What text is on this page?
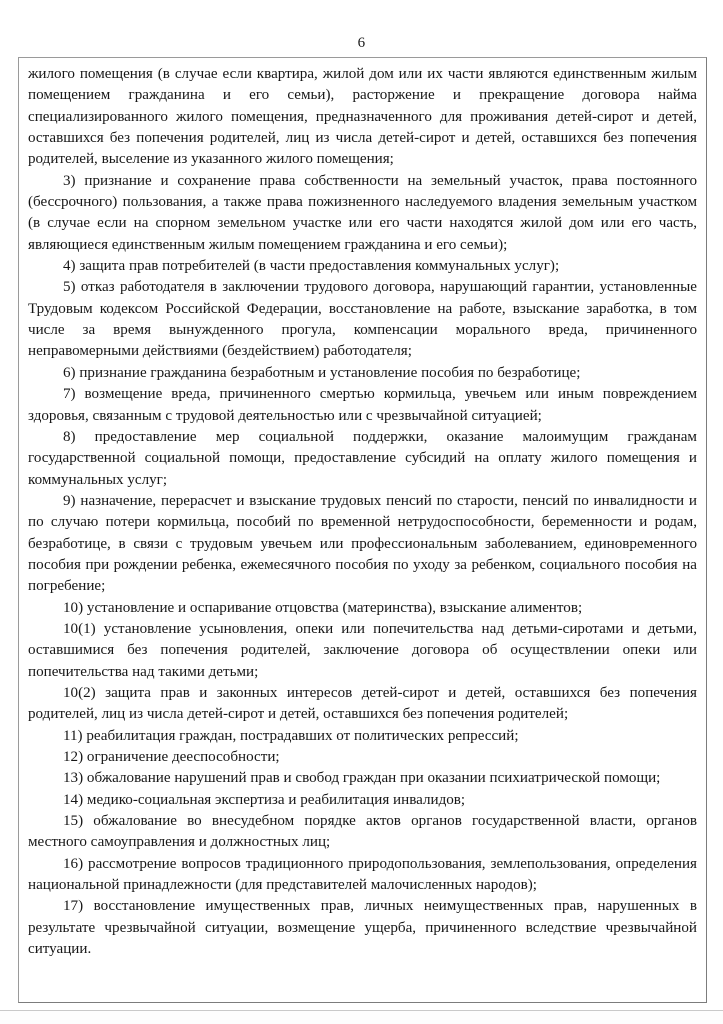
6

жилого помещения (в случае если квартира, жилой дом или их части являются единственным жилым помещением гражданина и его семьи), расторжение и прекращение договора найма специализированного жилого помещения, предназначенного для проживания детей-сирот и детей, оставшихся без попечения родителей, лиц из числа детей-сирот и детей, оставшихся без попечения родителей, выселение из указанного жилого помещения;

3) признание и сохранение права собственности на земельный участок, права постоянного (бессрочного) пользования, а также права пожизненного наследуемого владения земельным участком (в случае если на спорном земельном участке или его части находятся жилой дом или его часть, являющиеся единственным жилым помещением гражданина и его семьи);

4) защита прав потребителей (в части предоставления коммунальных услуг);

5) отказ работодателя в заключении трудового договора, нарушающий гарантии, установленные Трудовым кодексом Российской Федерации, восстановление на работе, взыскание заработка, в том числе за время вынужденного прогула, компенсации морального вреда, причиненного неправомерными действиями (бездействием) работодателя;

6) признание гражданина безработным и установление пособия по безработице;

7) возмещение вреда, причиненного смертью кормильца, увечьем или иным повреждением здоровья, связанным с трудовой деятельностью или с чрезвычайной ситуацией;

8) предоставление мер социальной поддержки, оказание малоимущим гражданам государственной социальной помощи, предоставление субсидий на оплату жилого помещения и коммунальных услуг;

9) назначение, перерасчет и взыскание трудовых пенсий по старости, пенсий по инвалидности и по случаю потери кормильца, пособий по временной нетрудоспособности, беременности и родам, безработице, в связи с трудовым увечьем или профессиональным заболеванием, единовременного пособия при рождении ребенка, ежемесячного пособия по уходу за ребенком, социального пособия на погребение;

10) установление и оспаривание отцовства (материнства), взыскание алиментов;

10(1) установление усыновления, опеки или попечительства над детьми-сиротами и детьми, оставшимися без попечения родителей, заключение договора об осуществлении опеки или попечительства над такими детьми;

10(2) защита прав и законных интересов детей-сирот и детей, оставшихся без попечения родителей, лиц из числа детей-сирот и детей, оставшихся без попечения родителей;

11) реабилитация граждан, пострадавших от политических репрессий;

12) ограничение дееспособности;

13) обжалование нарушений прав и свобод граждан при оказании психиатрической помощи;

14) медико-социальная экспертиза и реабилитация инвалидов;

15) обжалование во внесудебном порядке актов органов государственной власти, органов местного самоуправления и должностных лиц;

16) рассмотрение вопросов традиционного природопользования, землепользования, определения национальной принадлежности (для представителей малочисленных народов);

17) восстановление имущественных прав, личных неимущественных прав, нарушенных в результате чрезвычайной ситуации, возмещение ущерба, причиненного вследствие чрезвычайной ситуации.
